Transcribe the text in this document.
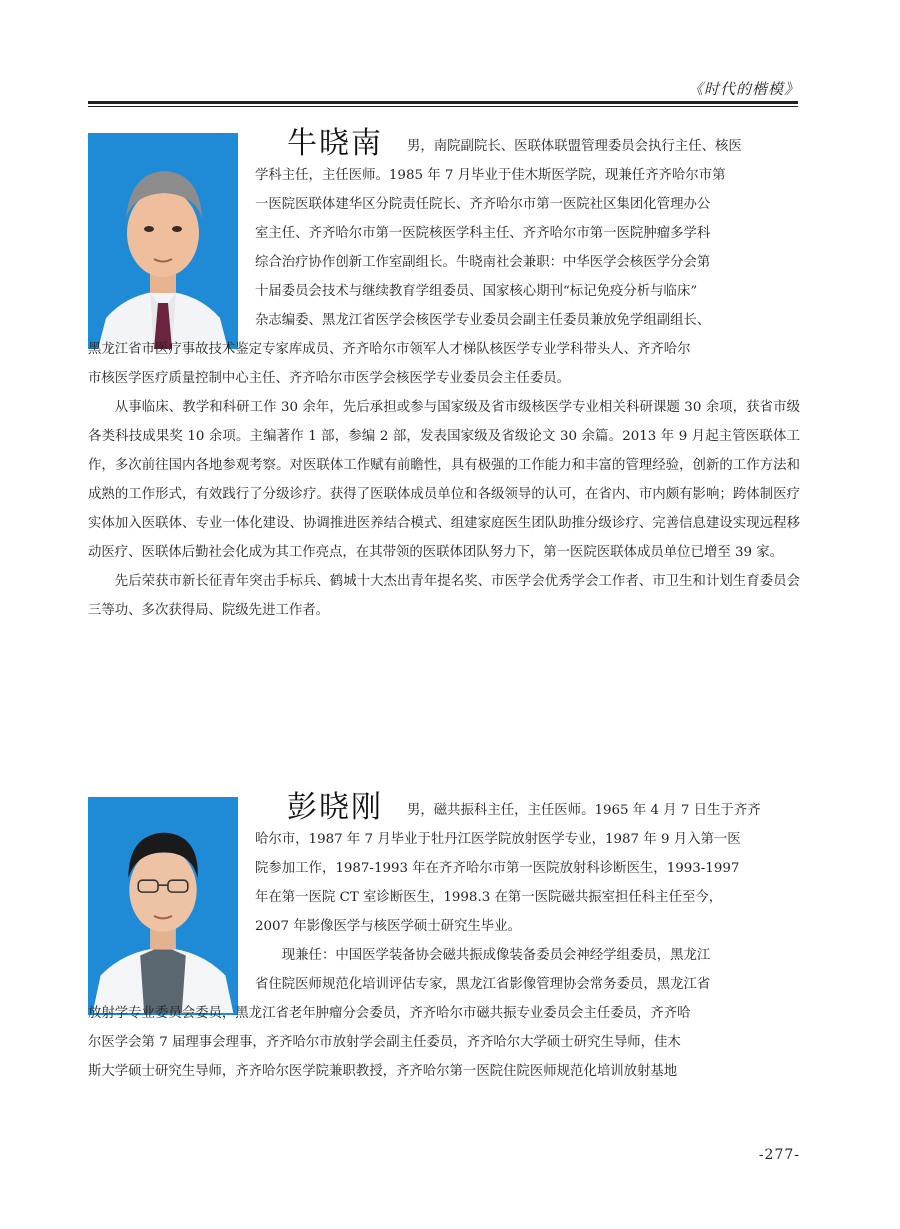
《时代的楷模》
牛晓南 男，南院副院长、医联体联盟管理委员会执行主任、核医
学科主任，主任医师。1985 年 7 月毕业于佳木斯医学院，现兼任齐齐哈尔市第
一医院医联体建华区分院责任院长、齐齐哈尔市第一医院社区集团化管理办公
室主任、齐齐哈尔市第一医院核医学科主任、齐齐哈尔市第一医院肿瘤多学科
综合治疗协作创新工作室副组长。牛晓南社会兼职：中华医学会核医学分会第
十届委员会技术与继续教育学组委员、国家核心期刊“标记免疫分析与临床”
杂志编委、黑龙江省医学会核医学专业委员会副主任委员兼放免学组副组长、
黑龙江省市医疗事故技术鉴定专家库成员、齐齐哈尔市领军人才梯队核医学专业学科带头人、齐齐哈尔
市核医学医疗质量控制中心主任、齐齐哈尔市医学会核医学专业委员会主任委员。

从事临床、教学和科研工作 30 余年，先后承担或参与国家级及省市级核医学专业相关科研课题 30 余项，获省市级各类科技成果奖 10 余项。主编著作 1 部，参编 2 部，发表国家级及省级论文 30 余篇。2013 年 9 月起主管医联体工作，多次前往国内各地参观考察。对医联体工作赋有前瞻性，具有极强的工作能力和丰富的管理经验，创新的工作方法和成熟的工作形式，有效践行了分级诊疗。获得了医联体成员单位和各级领导的认可，在省内、市内颇有影响；跨体制医疗实体加入医联体、专业一体化建设、协调推进医养结合模式、组建家庭医生团队助推分级诊疗、完善信息建设实现远程移动医疗、医联体后勤社会化成为其工作亮点，在其带领的医联体团队努力下，第一医院医联体成员单位已增至 39 家。

先后荣获市新长征青年突击手标兵、鹤城十大杰出青年提名奖、市医学会优秀学会工作者、市卫生和计划生育委员会三等功、多次获得局、院级先进工作者。

彭晓刚 男，磁共振科主任，主任医师。1965 年 4 月 7 日生于齐齐
哈尔市，1987 年 7 月毕业于牡丹江医学院放射医学专业，1987 年 9 月入第一医
院参加工作，1987-1993 年在齐齐哈尔市第一医院放射科诊断医生，1993-1997
年在第一医院 CT 室诊断医生，1998.3 在第一医院磁共振室担任科主任至今，
2007 年影像医学与核医学硕士研究生毕业。
　　现兼任：中国医学装备协会磁共振成像装备委员会神经学组委员，黑龙江
省住院医师规范化培训评估专家，黑龙江省影像管理协会常务委员，黑龙江省
放射学专业委员会委员，黑龙江省老年肿瘤分会委员，齐齐哈尔市磁共振专业委员会主任委员，齐齐哈
尔医学会第 7 届理事会理事，齐齐哈尔市放射学会副主任委员，齐齐哈尔大学硕士研究生导师，佳木
斯大学硕士研究生导师，齐齐哈尔医学院兼职教授，齐齐哈尔第一医院住院医师规范化培训放射基地
-277-
